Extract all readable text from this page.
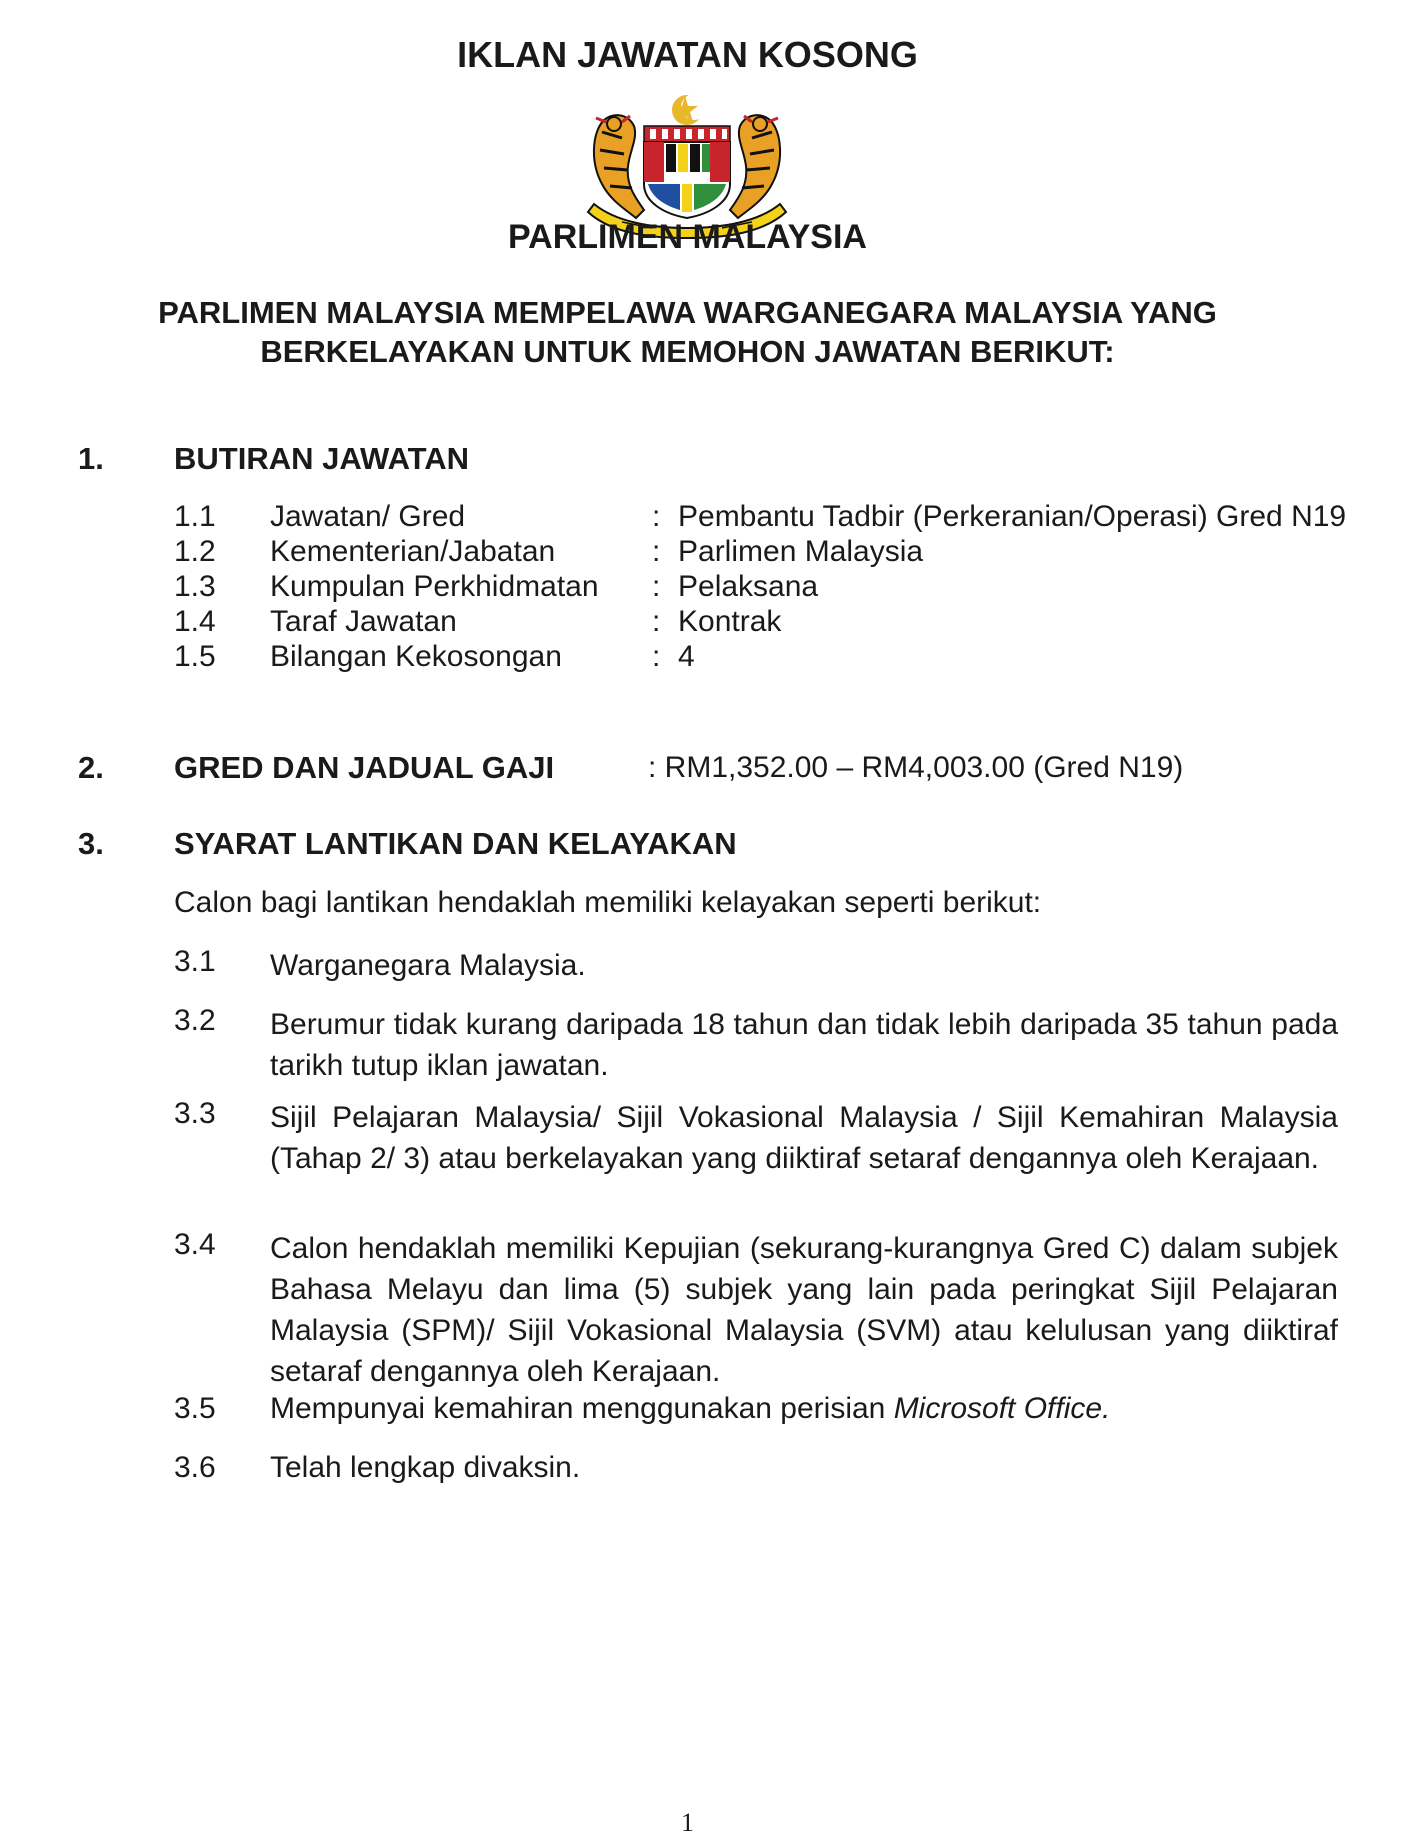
IKLAN JAWATAN KOSONG
PARLIMEN MALAYSIA
PARLIMEN MALAYSIA MEMPELAWA WARGANEGARA MALAYSIA YANG
BERKELAYAKAN UNTUK MEMOHON JAWATAN BERIKUT:
1. BUTIRAN JAWATAN
1.1 Jawatan/ Gred	: Pembantu Tadbir (Perkeranian/Operasi) Gred N19
1.2 Kementerian/Jabatan	: Parlimen Malaysia
1.3 Kumpulan Perkhidmatan : Pelaksana
1.4 Taraf Jawatan	: Kontrak
1.5 Bilangan Kekosongan	: 4
2. GRED DAN JADUAL GAJI	: RM1,352.00 – RM4,003.00 (Gred N19)
3. SYARAT LANTIKAN DAN KELAYAKAN
Calon bagi lantikan hendaklah memiliki kelayakan seperti berikut:
3.1 Warganegara Malaysia.
3.2 Berumur tidak kurang daripada 18 tahun dan tidak lebih daripada 35 tahun pada tarikh tutup iklan jawatan.
3.3 Sijil Pelajaran Malaysia/ Sijil Vokasional Malaysia / Sijil Kemahiran Malaysia (Tahap 2/ 3) atau berkelayakan yang diiktiraf setaraf dengannya oleh Kerajaan.
3.4 Calon hendaklah memiliki Kepujian (sekurang-kurangnya Gred C) dalam subjek Bahasa Melayu dan lima (5) subjek yang lain pada peringkat Sijil Pelajaran Malaysia (SPM)/ Sijil Vokasional Malaysia (SVM) atau kelulusan yang diiktiraf setaraf dengannya oleh Kerajaan.
3.5 Mempunyai kemahiran menggunakan perisian Microsoft Office.
3.6 Telah lengkap divaksin.
1
